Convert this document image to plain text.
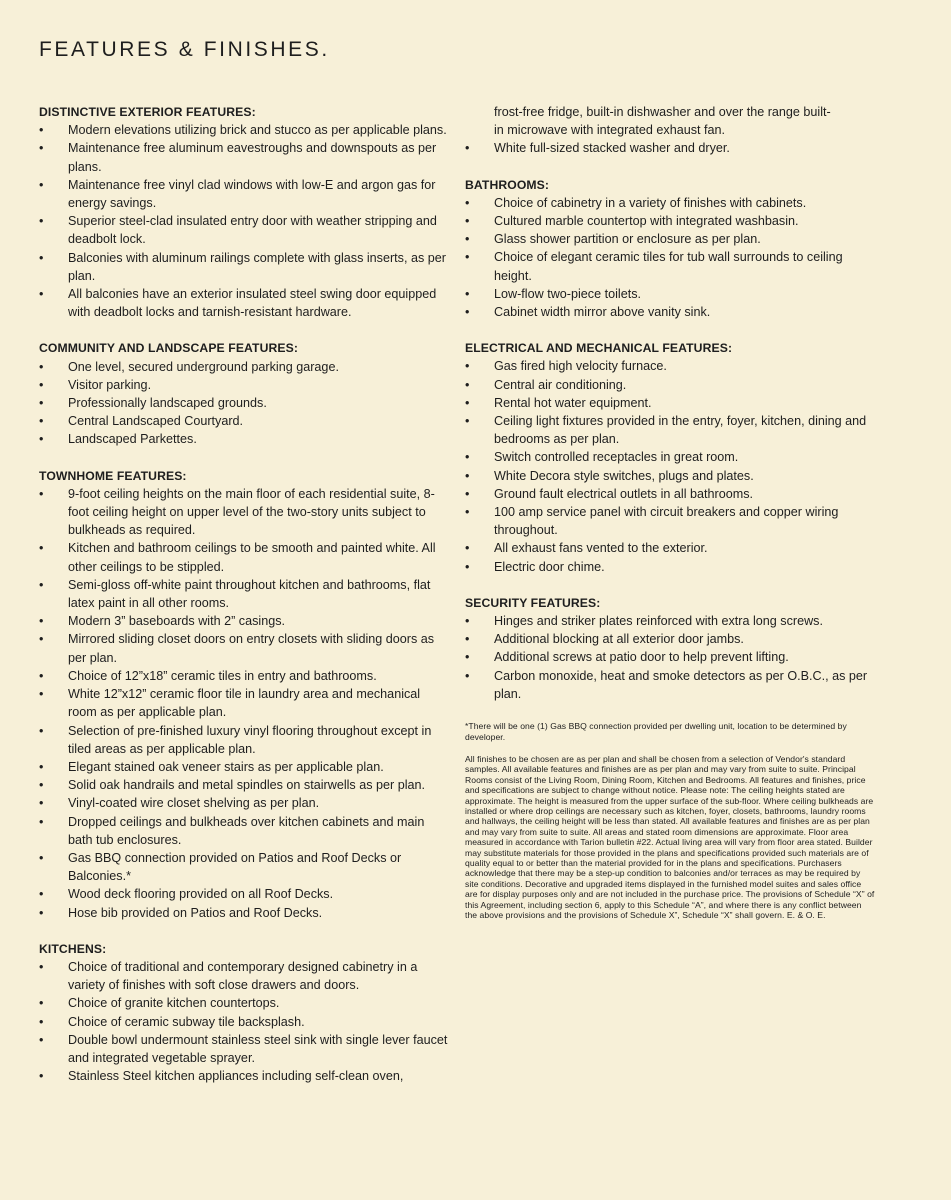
FEATURES & FINISHES.

DISTINCTIVE EXTERIOR FEATURES:

• Modern elevations utilizing brick and stucco as per applicable plans.
• Maintenance free aluminum eavestroughs and downspouts as per plans.
• Maintenance free vinyl clad windows with low-E and argon gas for energy savings.
• Superior steel-clad insulated entry door with weather stripping and deadbolt lock.
• Balconies with aluminum railings complete with glass inserts, as per plan.
• All balconies have an exterior insulated steel swing door equipped with deadbolt locks and tarnish-resistant hardware.

COMMUNITY AND LANDSCAPE FEATURES:

• One level, secured underground parking garage.
• Visitor parking.
• Professionally landscaped grounds.
• Central Landscaped Courtyard.
• Landscaped Parkettes.

TOWNHOME FEATURES:

• 9-foot ceiling heights on the main floor of each residential suite, 8-foot ceiling height on upper level of the two-story units subject to bulkheads as required.
• Kitchen and bathroom ceilings to be smooth and painted white. All other ceilings to be stippled.
• Semi-gloss off-white paint throughout kitchen and bathrooms, flat latex paint in all other rooms.
• Modern 3” baseboards with 2” casings.
• Mirrored sliding closet doors on entry closets with sliding doors as per plan.
• Choice of 12”x18” ceramic tiles in entry and bathrooms.
• White 12”x12” ceramic floor tile in laundry area and mechanical room as per applicable plan.
• Selection of pre-finished luxury vinyl flooring throughout except in tiled areas as per applicable plan.
• Elegant stained oak veneer stairs as per applicable plan.
• Solid oak handrails and metal spindles on stairwells as per plan.
• Vinyl-coated wire closet shelving as per plan.
• Dropped ceilings and bulkheads over kitchen cabinets and main bath tub enclosures.
• Gas BBQ connection provided on Patios and Roof Decks or Balconies.*
• Wood deck flooring provided on all Roof Decks.
• Hose bib provided on Patios and Roof Decks.

KITCHENS:

• Choice of traditional and contemporary designed cabinetry in a variety of finishes with soft close drawers and doors.
• Choice of granite kitchen countertops.
• Choice of ceramic subway tile backsplash.
• Double bowl undermount stainless steel sink with single lever faucet and integrated vegetable sprayer.
• Stainless Steel kitchen appliances including self-clean oven,
frost-free fridge, built-in dishwasher and over the range built-
in microwave with integrated exhaust fan.
• White full-sized stacked washer and dryer.

BATHROOMS:

• Choice of cabinetry in a variety of finishes with cabinets.
• Cultured marble countertop with integrated washbasin.
• Glass shower partition or enclosure as per plan.
• Choice of elegant ceramic tiles for tub wall surrounds to ceiling height.
• Low-flow two-piece toilets.
• Cabinet width mirror above vanity sink.

ELECTRICAL AND MECHANICAL FEATURES:

• Gas fired high velocity furnace.
• Central air conditioning.
• Rental hot water equipment.
• Ceiling light fixtures provided in the entry, foyer, kitchen, dining and bedrooms as per plan.
• Switch controlled receptacles in great room.
• White Decora style switches, plugs and plates.
• Ground fault electrical outlets in all bathrooms.
• 100 amp service panel with circuit breakers and copper wiring throughout.
• All exhaust fans vented to the exterior.
• Electric door chime.

SECURITY FEATURES:

• Hinges and striker plates reinforced with extra long screws.
• Additional blocking at all exterior door jambs.
• Additional screws at patio door to help prevent lifting.
• Carbon monoxide, heat and smoke detectors as per O.B.C., as per plan.

*There will be one (1) Gas BBQ connection provided per dwelling unit, location to be determined by developer.

All finishes to be chosen are as per plan and shall be chosen from a selection of Vendor's standard samples. All available features and finishes are as per plan and may vary from suite to suite. Principal Rooms consist of the Living Room, Dining Room, Kitchen and Bedrooms. All features and finishes, price and specifications are subject to change without notice. Please note: The ceiling heights stated are approximate. The height is measured from the upper surface of the sub-floor. Where ceiling bulkheads are installed or where drop ceilings are necessary such as kitchen, foyer, closets, bathrooms, laundry rooms and hallways, the ceiling height will be less than stated. All available features and finishes are as per plan and may vary from suite to suite. All areas and stated room dimensions are approximate. Floor area measured in accordance with Tarion bulletin #22. Actual living area will vary from floor area stated. Builder may substitute materials for those provided in the plans and specifications provided such materials are of quality equal to or better than the material provided for in the plans and specifications. Purchasers acknowledge that there may be a step-up condition to balconies and/or terraces as may be required by site conditions. Decorative and upgraded items displayed in the furnished model suites and sales office are for display purposes only and are not included in the purchase price. The provisions of Schedule “X” of this Agreement, including section 6, apply to this Schedule “A”, and where there is any conflict between the above provisions and the provisions of Schedule X”, Schedule “X” shall govern. E. & O. E.
